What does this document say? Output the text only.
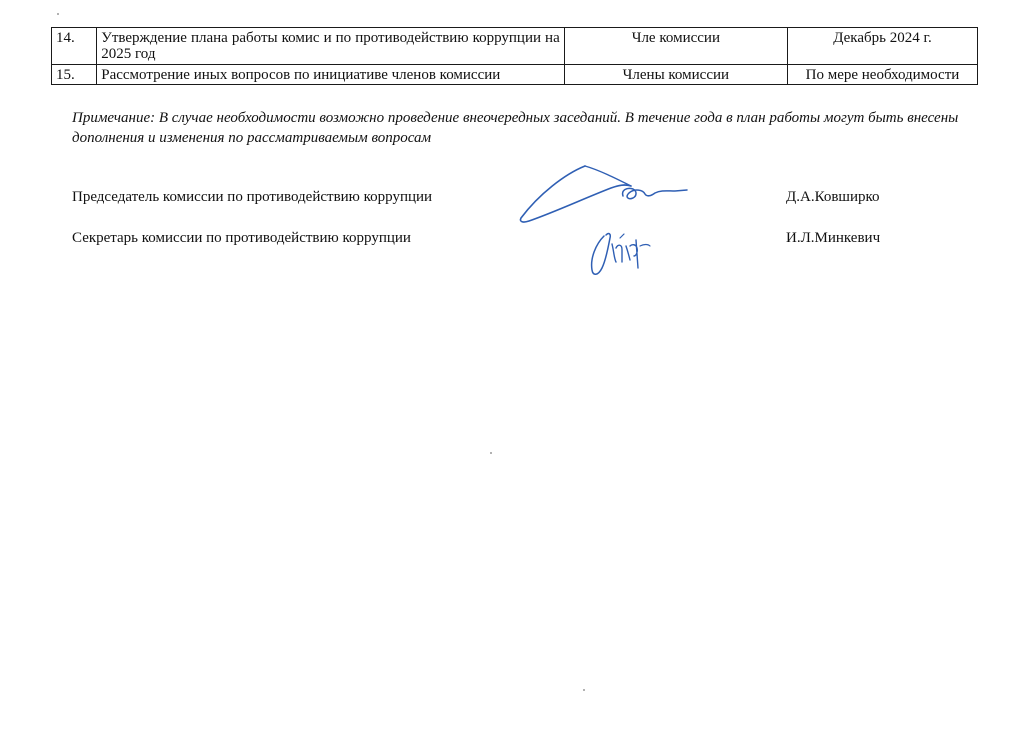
14.	Утверждение плана работы комис и по противодействию коррупции на 2025 год	Чле комиссии	Декабрь 2024 г.
15.	Рассмотрение иных вопросов по инициативе членов комиссии	Члены комиссии	По мере необходимости
Примечание: В случае необходимости возможно проведение внеочередных заседаний. В течение года в план работы могут быть внесены дополнения и изменения по рассматриваемым вопросам
Председатель комиссии по противодействию коррупции	Д.А.Ковширко
Секретарь комиссии по противодействию коррупции	И.Л.Минкевич
